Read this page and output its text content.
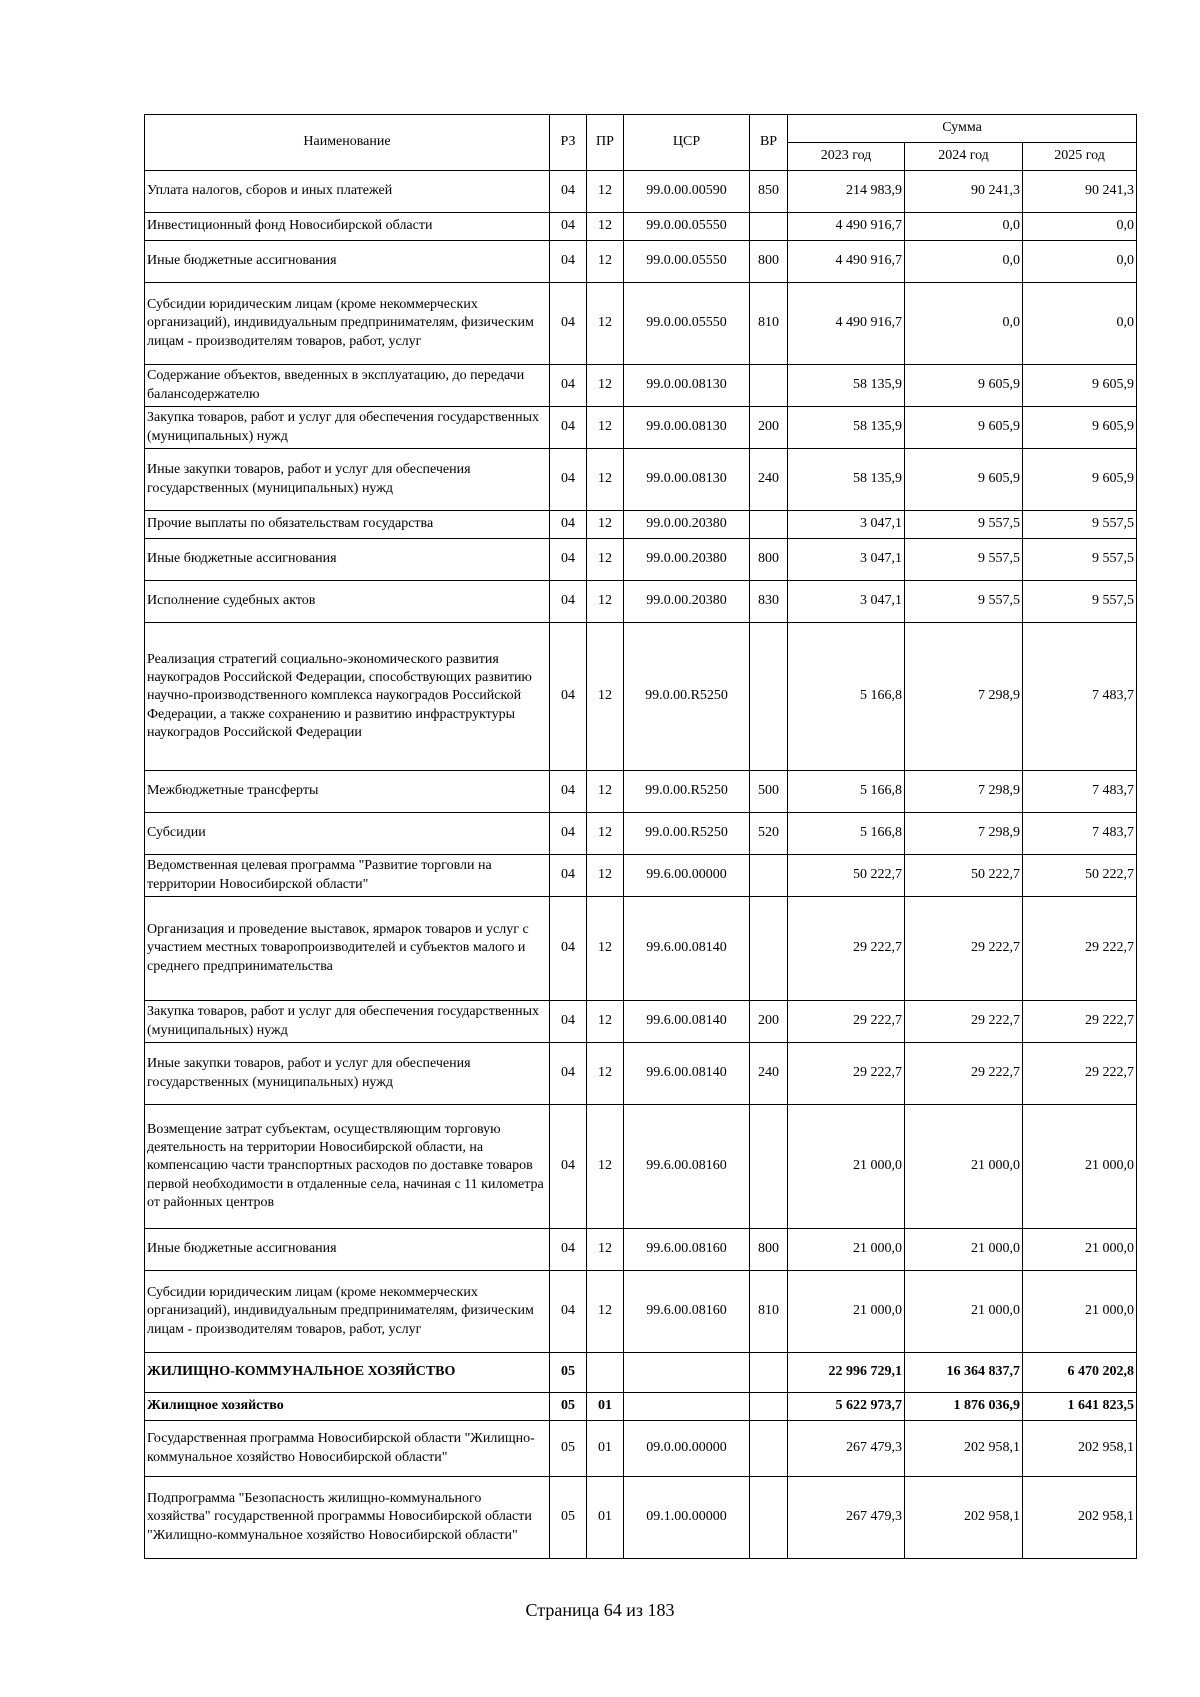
Наименование	РЗ	ПР	ЦСР	ВР	Сумма		
					2023 год	2024 год	2025 год
Уплата налогов, сборов и иных платежей	04	12	99.0.00.00590	850	214 983,9	90 241,3	90 241,3
Инвестиционный фонд Новосибирской области	04	12	99.0.00.05550		4 490 916,7	0,0	0,0
Иные бюджетные ассигнования	04	12	99.0.00.05550	800	4 490 916,7	0,0	0,0
Субсидии юридическим лицам (кроме некоммерческих организаций), индивидуальным предпринимателям, физическим лицам - производителям товаров, работ, услуг	04	12	99.0.00.05550	810	4 490 916,7	0,0	0,0
Содержание объектов, введенных в эксплуатацию, до передачи балансодержателю	04	12	99.0.00.08130		58 135,9	9 605,9	9 605,9
Закупка товаров, работ и услуг для обеспечения государственных (муниципальных) нужд	04	12	99.0.00.08130	200	58 135,9	9 605,9	9 605,9
Иные закупки товаров, работ и услуг для обеспечения государственных (муниципальных) нужд	04	12	99.0.00.08130	240	58 135,9	9 605,9	9 605,9
Прочие выплаты по обязательствам государства	04	12	99.0.00.20380		3 047,1	9 557,5	9 557,5
Иные бюджетные ассигнования	04	12	99.0.00.20380	800	3 047,1	9 557,5	9 557,5
Исполнение судебных актов	04	12	99.0.00.20380	830	3 047,1	9 557,5	9 557,5
Реализация стратегий социально-экономического развития наукоградов Российской Федерации, способствующих развитию научно-производственного комплекса наукоградов Российской Федерации, а также сохранению и развитию инфраструктуры наукоградов Российской Федерации	04	12	99.0.00.R5250		5 166,8	7 298,9	7 483,7
Межбюджетные трансферты	04	12	99.0.00.R5250	500	5 166,8	7 298,9	7 483,7
Субсидии	04	12	99.0.00.R5250	520	5 166,8	7 298,9	7 483,7
Ведомственная целевая программа "Развитие торговли на территории Новосибирской области"	04	12	99.6.00.00000		50 222,7	50 222,7	50 222,7
Организация и проведение выставок, ярмарок товаров и услуг с участием местных товаропроизводителей и субъектов малого и среднего предпринимательства	04	12	99.6.00.08140		29 222,7	29 222,7	29 222,7
Закупка товаров, работ и услуг для обеспечения государственных (муниципальных) нужд	04	12	99.6.00.08140	200	29 222,7	29 222,7	29 222,7
Иные закупки товаров, работ и услуг для обеспечения государственных (муниципальных) нужд	04	12	99.6.00.08140	240	29 222,7	29 222,7	29 222,7
Возмещение затрат субъектам, осуществляющим торговую деятельность на территории Новосибирской области, на компенсацию части транспортных расходов по доставке товаров первой необходимости в отдаленные села, начиная с 11 километра от районных центров	04	12	99.6.00.08160		21 000,0	21 000,0	21 000,0
Иные бюджетные ассигнования	04	12	99.6.00.08160	800	21 000,0	21 000,0	21 000,0
Субсидии юридическим лицам (кроме некоммерческих организаций), индивидуальным предпринимателям, физическим лицам - производителям товаров, работ, услуг	04	12	99.6.00.08160	810	21 000,0	21 000,0	21 000,0
ЖИЛИЩНО-КОММУНАЛЬНОЕ ХОЗЯЙСТВО	05				22 996 729,1	16 364 837,7	6 470 202,8
Жилищное хозяйство	05	01			5 622 973,7	1 876 036,9	1 641 823,5
Государственная программа Новосибирской области "Жилищно-коммунальное хозяйство Новосибирской области"	05	01	09.0.00.00000		267 479,3	202 958,1	202 958,1
Подпрограмма "Безопасность жилищно-коммунального хозяйства" государственной программы Новосибирской области "Жилищно-коммунальное хозяйство Новосибирской области"	05	01	09.1.00.00000		267 479,3	202 958,1	202 958,1
Страница 64 из 183
